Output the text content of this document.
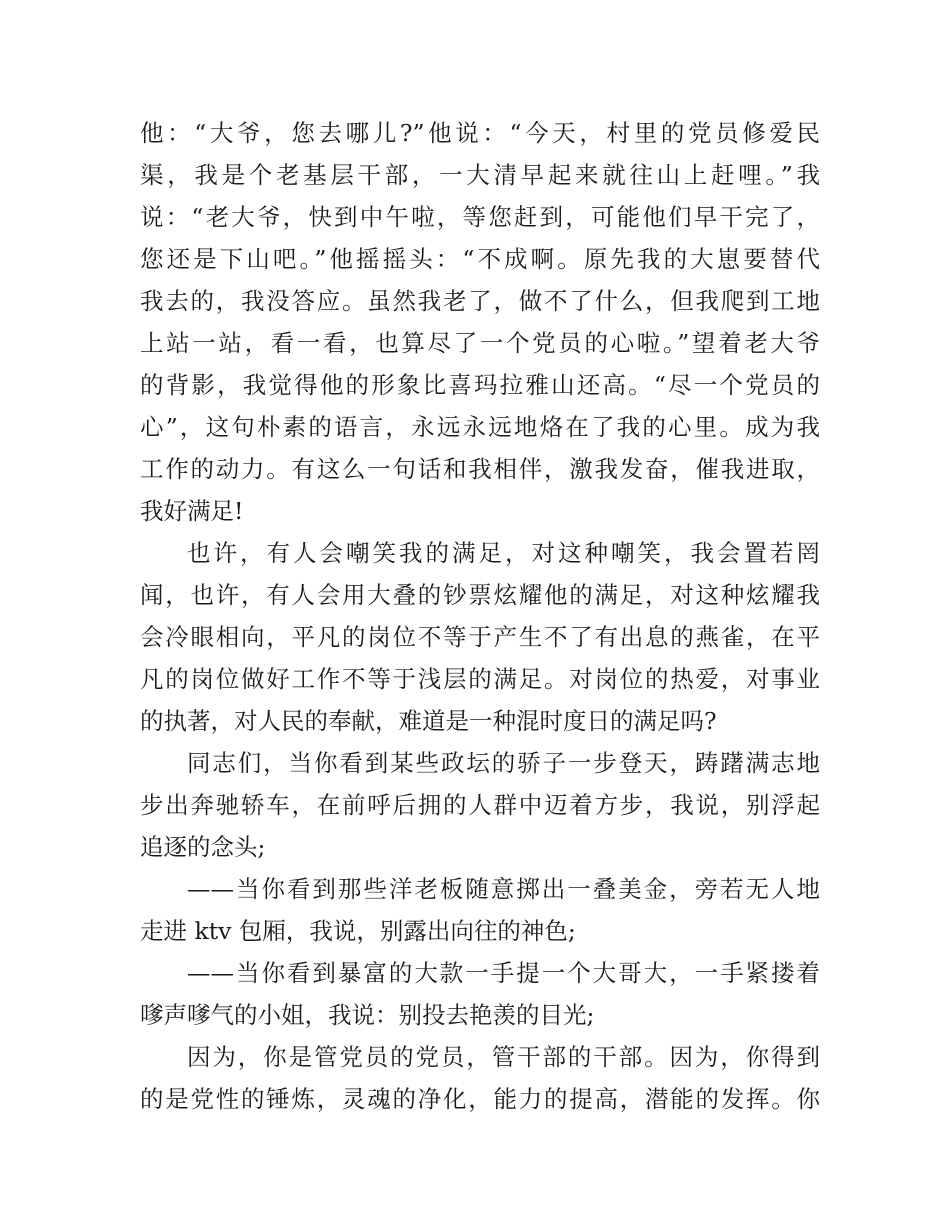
他：“大爷，您去哪儿?”他说：“今天，村里的党员修爱民
渠，我是个老基层干部，一大清早起来就往山上赶哩。”我
说：“老大爷，快到中午啦，等您赶到，可能他们早干完了，
您还是下山吧。”他摇摇头：“不成啊。原先我的大崽要替代
我去的，我没答应。虽然我老了，做不了什么，但我爬到工地
上站一站，看一看，也算尽了一个党员的心啦。”望着老大爷
的背影，我觉得他的形象比喜玛拉雅山还高。“尽一个党员的
心”，这句朴素的语言，永远永远地烙在了我的心里。成为我
工作的动力。有这么一句话和我相伴，激我发奋，催我进取，
我好满足!
也许，有人会嘲笑我的满足，对这种嘲笑，我会置若罔
闻，也许，有人会用大叠的钞票炫耀他的满足，对这种炫耀我
会冷眼相向，平凡的岗位不等于产生不了有出息的燕雀，在平
凡的岗位做好工作不等于浅层的满足。对岗位的热爱，对事业
的执著，对人民的奉献，难道是一种混时度日的满足吗?
同志们，当你看到某些政坛的骄子一步登天，踌躇满志地
步出奔驰轿车，在前呼后拥的人群中迈着方步，我说，别浮起
追逐的念头;
——当你看到那些洋老板随意掷出一叠美金，旁若无人地
走进 ktv 包厢，我说，别露出向往的神色;
——当你看到暴富的大款一手提一个大哥大，一手紧搂着
嗲声嗲气的小姐，我说：别投去艳羡的目光;
因为，你是管党员的党员，管干部的干部。因为，你得到
的是党性的锤炼，灵魂的净化，能力的提高，潜能的发挥。你
